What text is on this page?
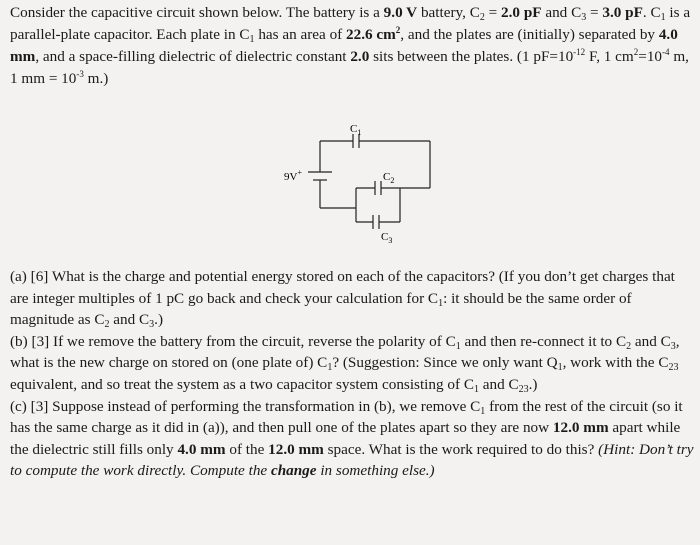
Consider the capacitive circuit shown below. The battery is a 9.0 V battery, $C_2 = 2.0$ pF and $C_3 = 3.0$ pF. $C_1$ is a parallel-plate capacitor. Each plate in $C_1$ has an area of 22.6 $cm^2$, and the plates are (initially) separated by 4.0 mm, and a space-filling dielectric of dielectric constant 2.0 sits between the plates. (1 $pF=10^{-12}$ F, 1 $cm^2=10^{-4}$ m, 1 mm = $10^{-3}$ m.)

9V+
$C_1$
$C_2$
$C_3$

(a) [6] What is the charge and potential energy stored on each of the capacitors? (If you don’t get charges that are integer multiples of 1 pC go back and check your calculation for $C_1$: it should be the same order of magnitude as $C_2$ and $C_3$.)

(b) [3] If we remove the battery from the circuit, reverse the polarity of $C_1$ and then re-connect it to $C_2$ and $C_3$, what is the new charge on stored on (one plate of) $C_1$? (Suggestion: Since we only want $Q_1$, work with the $C_{23}$ equivalent, and so treat the system as a two capacitor system consisting of $C_1$ and $C_{23}$.)

(c) [3] Suppose instead of performing the transformation in (b), we remove $C_1$ from the rest of the circuit (so it has the same charge as it did in (a)), and then pull one of the plates apart so they are now 12.0 mm apart while the dielectric still fills only 4.0 mm of the 12.0 mm space. What is the work required to do this? (Hint: Don’t try to compute the work directly. Compute the change in something else.)
